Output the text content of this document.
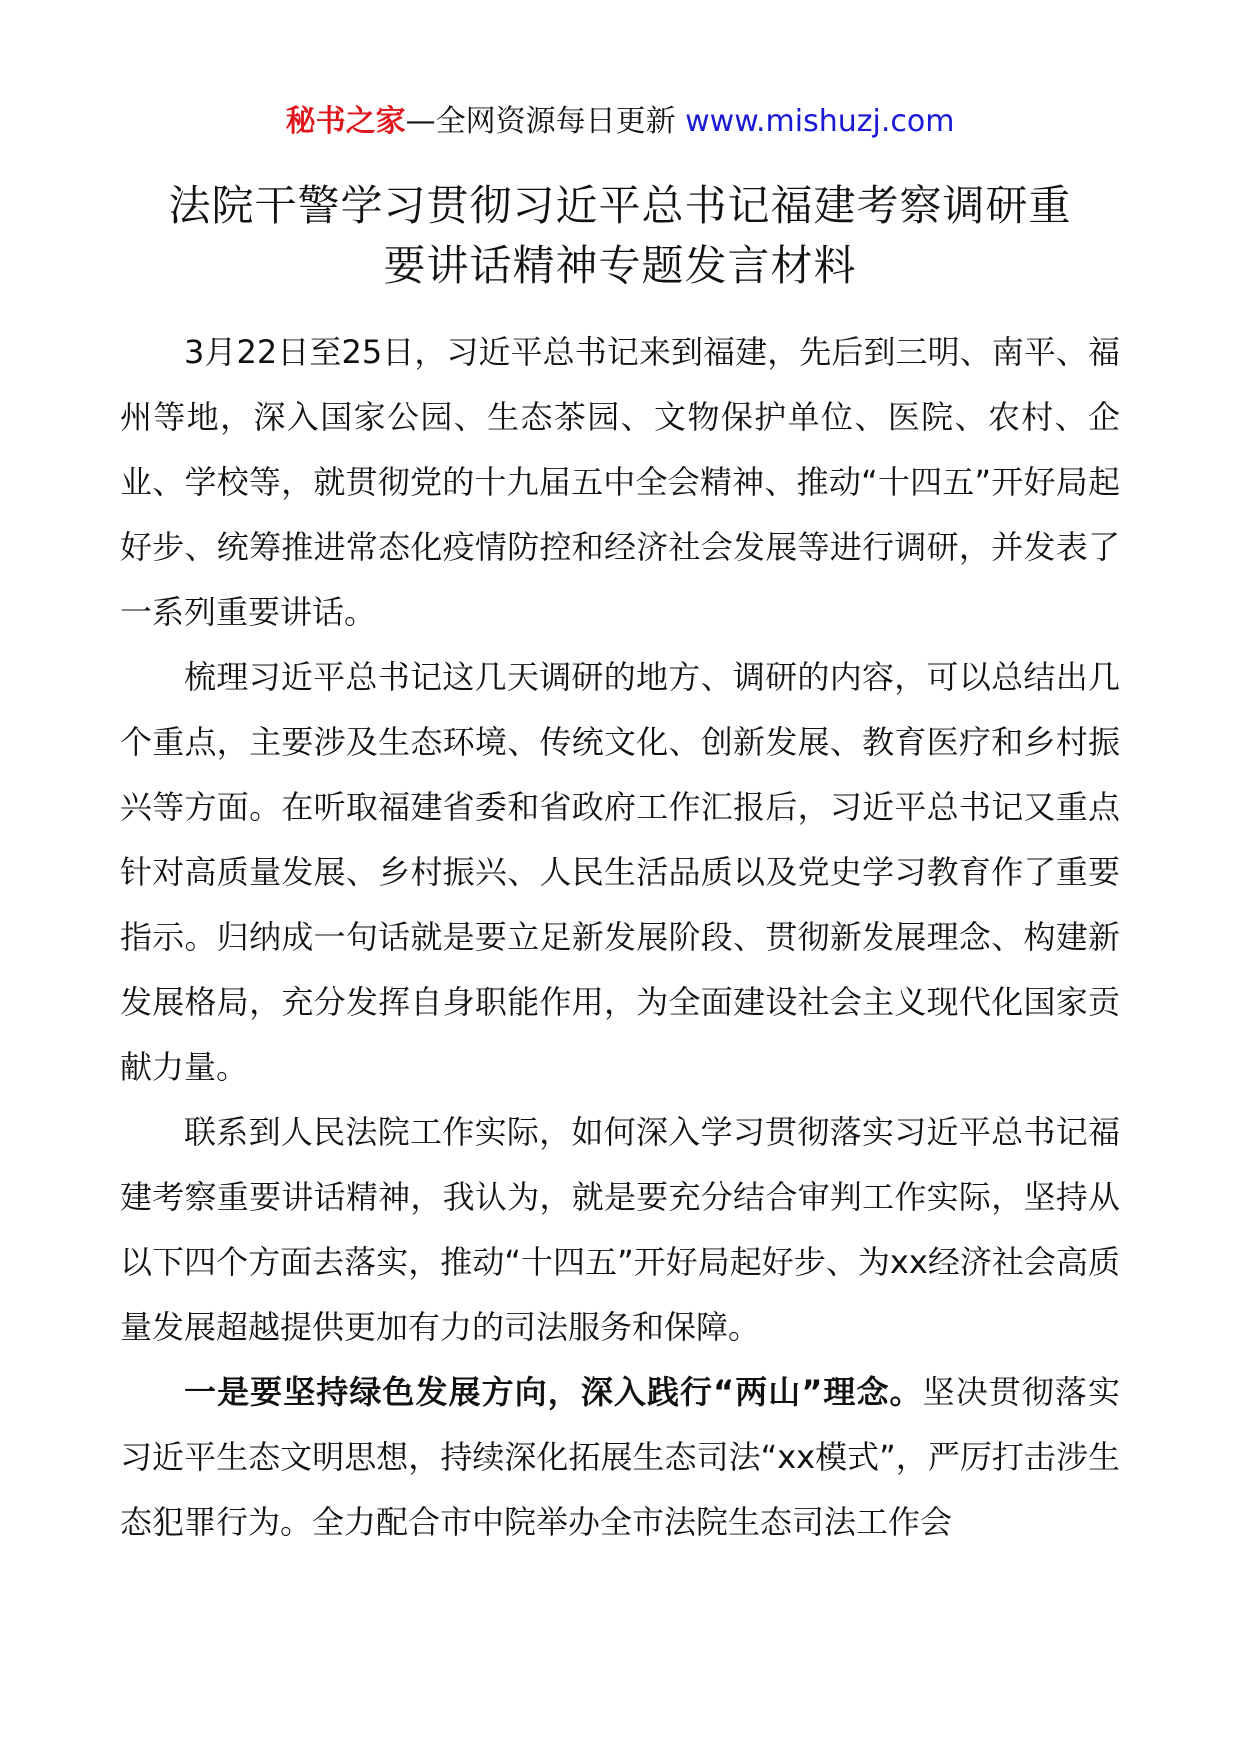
秘书之家—全网资源每日更新 www.mishuzj.com
法院干警学习贯彻习近平总书记福建考察调研重
要讲话精神专题发言材料

3月22日至25日，习近平总书记来到福建，先后到三明、南平、福州等地，深入国家公园、生态茶园、文物保护单位、医院、农村、企业、学校等，就贯彻党的十九届五中全会精神、推动“十四五”开好局起好步、统筹推进常态化疫情防控和经济社会发展等进行调研，并发表了一系列重要讲话。

梳理习近平总书记这几天调研的地方、调研的内容，可以总结出几个重点，主要涉及生态环境、传统文化、创新发展、教育医疗和乡村振兴等方面。在听取福建省委和省政府工作汇报后，习近平总书记又重点针对高质量发展、乡村振兴、人民生活品质以及党史学习教育作了重要指示。归纳成一句话就是要立足新发展阶段、贯彻新发展理念、构建新发展格局，充分发挥自身职能作用，为全面建设社会主义现代化国家贡献力量。

联系到人民法院工作实际，如何深入学习贯彻落实习近平总书记福建考察重要讲话精神，我认为，就是要充分结合审判工作实际，坚持从以下四个方面去落实，推动“十四五”开好局起好步、为xx经济社会高质量发展超越提供更加有力的司法服务和保障。

一是要坚持绿色发展方向，深入践行“两山”理念。坚决贯彻落实习近平生态文明思想，持续深化拓展生态司法“xx模式”，严厉打击涉生态犯罪行为。全力配合市中院举办全市法院生态司法工作会
